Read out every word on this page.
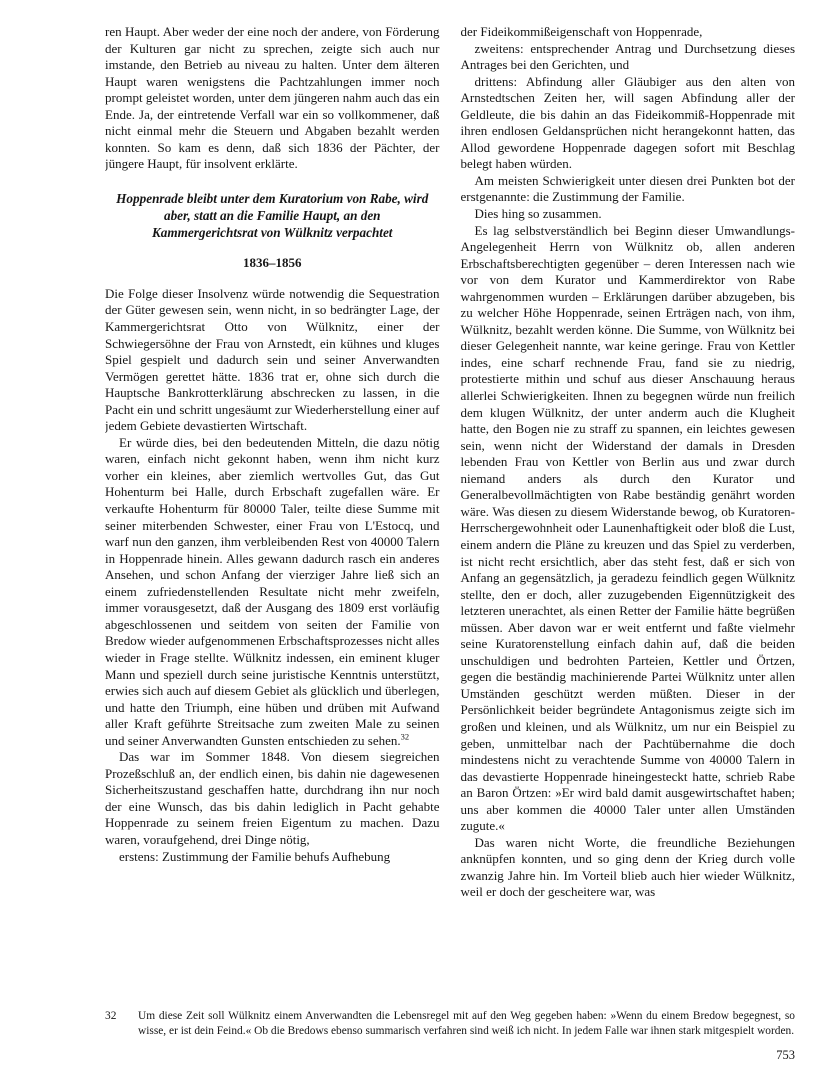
ren Haupt. Aber weder der eine noch der andere, von Förderung der Kulturen gar nicht zu sprechen, zeigte sich auch nur imstande, den Betrieb au niveau zu halten. Unter dem älteren Haupt waren wenigstens die Pachtzahlungen immer noch prompt geleistet worden, unter dem jüngeren nahm auch das ein Ende. Ja, der eintretende Verfall war ein so vollkommener, daß nicht einmal mehr die Steuern und Abgaben bezahlt werden konnten. So kam es denn, daß sich 1836 der Pächter, der jüngere Haupt, für insolvent erklärte.

Hoppenrade bleibt unter dem Kuratorium von Rabe, wird aber, statt an die Familie Haupt, an den Kammergerichtsrat von Wülknitz verpachtet
1836–1856

Die Folge dieser Insolvenz würde notwendig die Sequestration der Güter gewesen sein, wenn nicht, in so bedrängter Lage, der Kammergerichtsrat Otto von Wülknitz, einer der Schwiegersöhne der Frau von Arnstedt, ein kühnes und kluges Spiel gespielt und dadurch sein und seiner Anverwandten Vermögen gerettet hätte. 1836 trat er, ohne sich durch die Hauptsche Bankrotterklärung abschrecken zu lassen, in die Pacht ein und schritt ungesäumt zur Wiederherstellung einer auf jedem Gebiete devastierten Wirtschaft.

Er würde dies, bei den bedeutenden Mitteln, die dazu nötig waren, einfach nicht gekonnt haben, wenn ihm nicht kurz vorher ein kleines, aber ziemlich wertvolles Gut, das Gut Hohenturm bei Halle, durch Erbschaft zugefallen wäre. Er verkaufte Hohenturm für 80000 Taler, teilte diese Summe mit seiner miterbenden Schwester, einer Frau von L'Estocq, und warf nun den ganzen, ihm verbleibenden Rest von 40000 Talern in Hoppenrade hinein. Alles gewann dadurch rasch ein anderes Ansehen, und schon Anfang der vierziger Jahre ließ sich an einem zufriedenstellenden Resultate nicht mehr zweifeln, immer vorausgesetzt, daß der Ausgang des 1809 erst vorläufig abgeschlossenen und seitdem von seiten der Familie von Bredow wieder aufgenommenen Erbschaftsprozesses nicht alles wieder in Frage stellte. Wülknitz indessen, ein eminent kluger Mann und speziell durch seine juristische Kenntnis unterstützt, erwies sich auch auf diesem Gebiet als glücklich und überlegen, und hatte den Triumph, eine hüben und drüben mit Aufwand aller Kraft geführte Streitsache zum zweiten Male zu seinen und seiner Anverwandten Gunsten entschieden zu sehen.$^{32}$

Das war im Sommer 1848. Von diesem siegreichen Prozeßschluß an, der endlich einen, bis dahin nie dagewesenen Sicherheitszustand geschaffen hatte, durchdrang ihn nur noch der eine Wunsch, das bis dahin lediglich in Pacht gehabte Hoppenrade zu seinem freien Eigentum zu machen. Dazu waren, voraufgehend, drei Dinge nötig,

erstens: Zustimmung der Familie behufs Aufhebung

der Fideikommißeigenschaft von Hoppenrade,

zweitens: entsprechender Antrag und Durchsetzung dieses Antrages bei den Gerichten, und

drittens: Abfindung aller Gläubiger aus den alten von Arnstedtschen Zeiten her, will sagen Abfindung aller der Geldleute, die bis dahin an das Fideikommiß-Hoppenrade mit ihren endlosen Geldansprüchen nicht herangekonnt hatten, das Allod gewordene Hoppenrade dagegen sofort mit Beschlag belegt haben würden.

Am meisten Schwierigkeit unter diesen drei Punkten bot der erstgenannte: die Zustimmung der Familie.

Dies hing so zusammen.

Es lag selbstverständlich bei Beginn dieser Umwandlungs-Angelegenheit Herrn von Wülknitz ob, allen anderen Erbschaftsberechtigten gegenüber – deren Interessen nach wie vor von dem Kurator und Kammerdirektor von Rabe wahrgenommen wurden – Erklärungen darüber abzugeben, bis zu welcher Höhe Hoppenrade, seinen Erträgen nach, von ihm, Wülknitz, bezahlt werden könne. Die Summe, von Wülknitz bei dieser Gelegenheit nannte, war keine geringe. Frau von Kettler indes, eine scharf rechnende Frau, fand sie zu niedrig, protestierte mithin und schuf aus dieser Anschauung heraus allerlei Schwierigkeiten. Ihnen zu begegnen würde nun freilich dem klugen Wülknitz, der unter anderm auch die Klugheit hatte, den Bogen nie zu straff zu spannen, ein leichtes gewesen sein, wenn nicht der Widerstand der damals in Dresden lebenden Frau von Kettler von Berlin aus und zwar durch niemand anders als durch den Kurator und Generalbevollmächtigten von Rabe beständig genährt worden wäre. Was diesen zu diesem Widerstande bewog, ob Kuratoren-Herrschergewohnheit oder Launenhaftigkeit oder bloß die Lust, einem andern die Pläne zu kreuzen und das Spiel zu verderben, ist nicht recht ersichtlich, aber das steht fest, daß er sich von Anfang an gegensätzlich, ja geradezu feindlich gegen Wülknitz stellte, den er doch, aller zuzugebenden Eigennützigkeit des letzteren unerachtet, als einen Retter der Familie hätte begrüßen müssen. Aber davon war er weit entfernt und faßte vielmehr seine Kuratorenstellung einfach dahin auf, daß die beiden unschuldigen und bedrohten Parteien, Kettler und Örtzen, gegen die beständig machinierende Partei Wülknitz unter allen Umständen geschützt werden müßten. Dieser in der Persönlichkeit beider begründete Antagonismus zeigte sich im großen und kleinen, und als Wülknitz, um nur ein Beispiel zu geben, unmittelbar nach der Pachtübernahme die doch mindestens nicht zu verachtende Summe von 40000 Talern in das devastierte Hoppenrade hineingesteckt hatte, schrieb Rabe an Baron Örtzen: »Er wird bald damit ausgewirtschaftet haben; uns aber kommen die 40000 Taler unter allen Umständen zugute.«

Das waren nicht Worte, die freundliche Beziehungen anknüpfen konnten, und so ging denn der Krieg durch volle zwanzig Jahre hin. Im Vorteil blieb auch hier wieder Wülknitz, weil er doch der gescheitere war, was

32	Um diese Zeit soll Wülknitz einem Anverwandten die Lebensregel mit auf den Weg gegeben haben: »Wenn du einem Bredow begegnest, so wisse, er ist dein Feind.« Ob die Bredows ebenso summarisch verfahren sind weiß ich nicht. In jedem Falle war ihnen stark mitgespielt worden.
753
